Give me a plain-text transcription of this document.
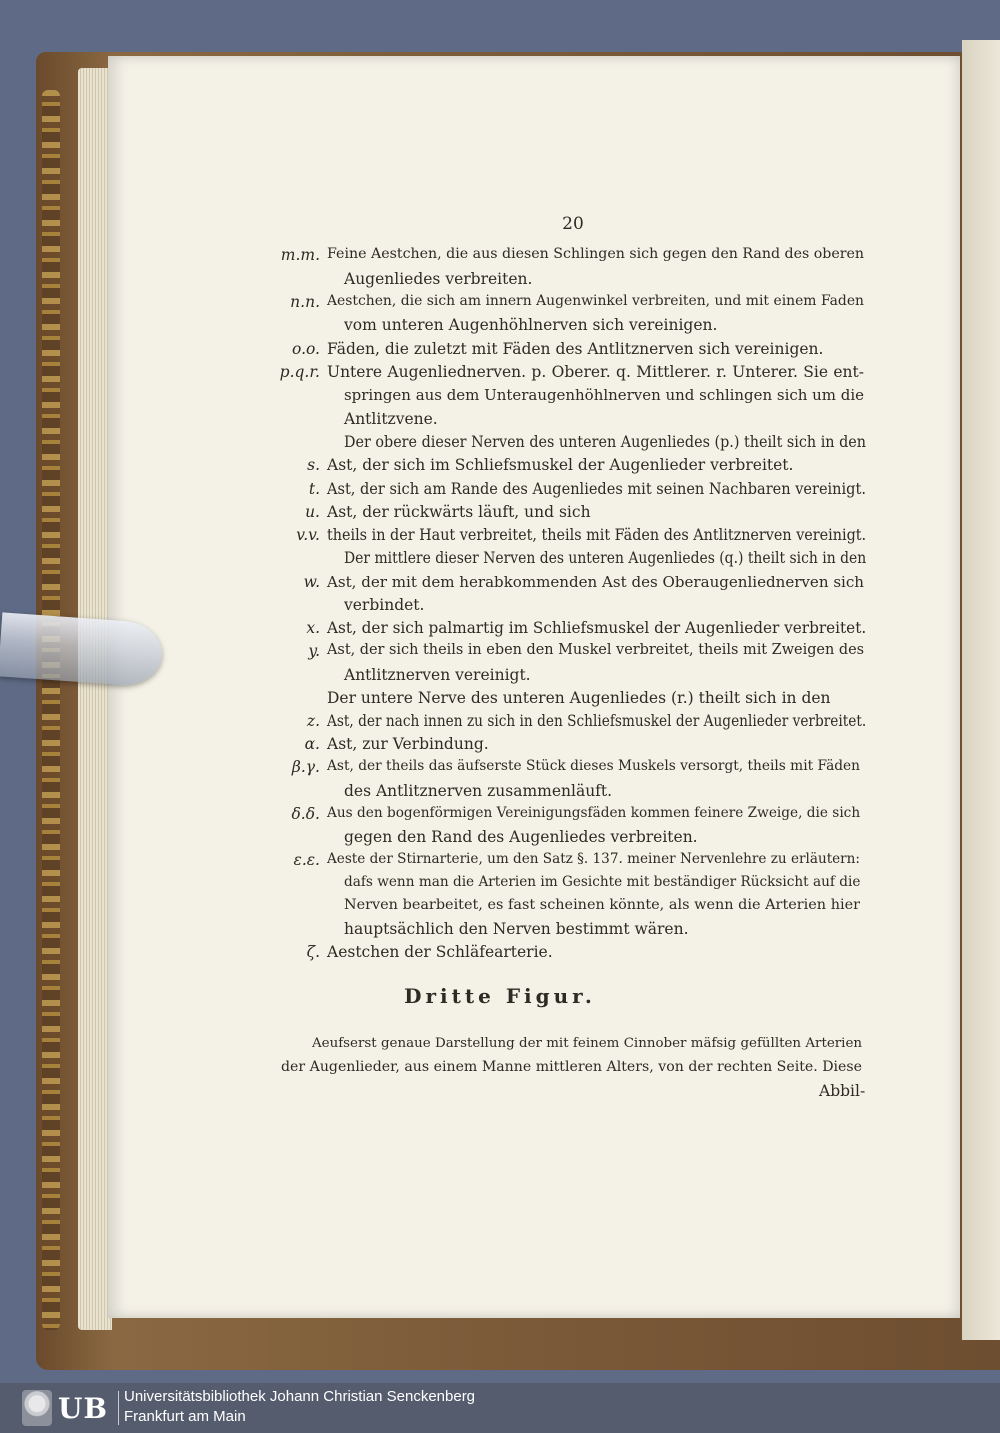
20
m.m. Feine Aestchen, die aus diesen Schlingen sich gegen den Rand des oberen
Augenliedes verbreiten.
n.n. Aestchen, die sich am innern Augenwinkel verbreiten, und mit einem Faden
vom unteren Augenhöhlnerven sich vereinigen.
o.o. Fäden, die zuletzt mit Fäden des Antlitznerven sich vereinigen.
p.q.r. Untere Augenliednerven. p. Oberer. q. Mittlerer. r. Unterer. Sie ent-
springen aus dem Unteraugenhöhlnerven und schlingen sich um die
Antlitzvene.
Der obere dieser Nerven des unteren Augenliedes (p.) theilt sich in den
s. Ast, der sich im Schliefsmuskel der Augenlieder verbreitet.
t. Ast, der sich am Rande des Augenliedes mit seinen Nachbaren vereinigt.
u. Ast, der rückwärts läuft, und sich
v.v. theils in der Haut verbreitet, theils mit Fäden des Antlitznerven vereinigt.
Der mittlere dieser Nerven des unteren Augenliedes (q.) theilt sich in den
w. Ast, der mit dem herabkommenden Ast des Oberaugenliednerven sich
verbindet.
x. Ast, der sich palmartig im Schliefsmuskel der Augenlieder verbreitet.
y. Ast, der sich theils in eben den Muskel verbreitet, theils mit Zweigen des
Antlitznerven vereinigt.
Der untere Nerve des unteren Augenliedes (r.) theilt sich in den
z. Ast, der nach innen zu sich in den Schliefsmuskel der Augenlieder verbreitet.
α. Ast, zur Verbindung.
β.γ. Ast, der theils das äufserste Stück dieses Muskels versorgt, theils mit Fäden
des Antlitznerven zusammenläuft.
δ.δ. Aus den bogenförmigen Vereinigungsfäden kommen feinere Zweige, die sich
gegen den Rand des Augenliedes verbreiten.
ε.ε. Aeste der Stirnarterie, um den Satz §. 137. meiner Nervenlehre zu erläutern:
dafs wenn man die Arterien im Gesichte mit beständiger Rücksicht auf die
Nerven bearbeitet, es fast scheinen könnte, als wenn die Arterien hier
hauptsächlich den Nerven bestimmt wären.
ζ. Aestchen der Schläfearterie.
Dritte Figur.
Aeufserst genaue Darstellung der mit feinem Cinnober mäfsig gefüllten Arterien
der Augenlieder, aus einem Manne mittleren Alters, von der rechten Seite. Diese
Abbil-
UB Universitätsbibliothek Johann Christian Senckenberg
Frankfurt am Main
